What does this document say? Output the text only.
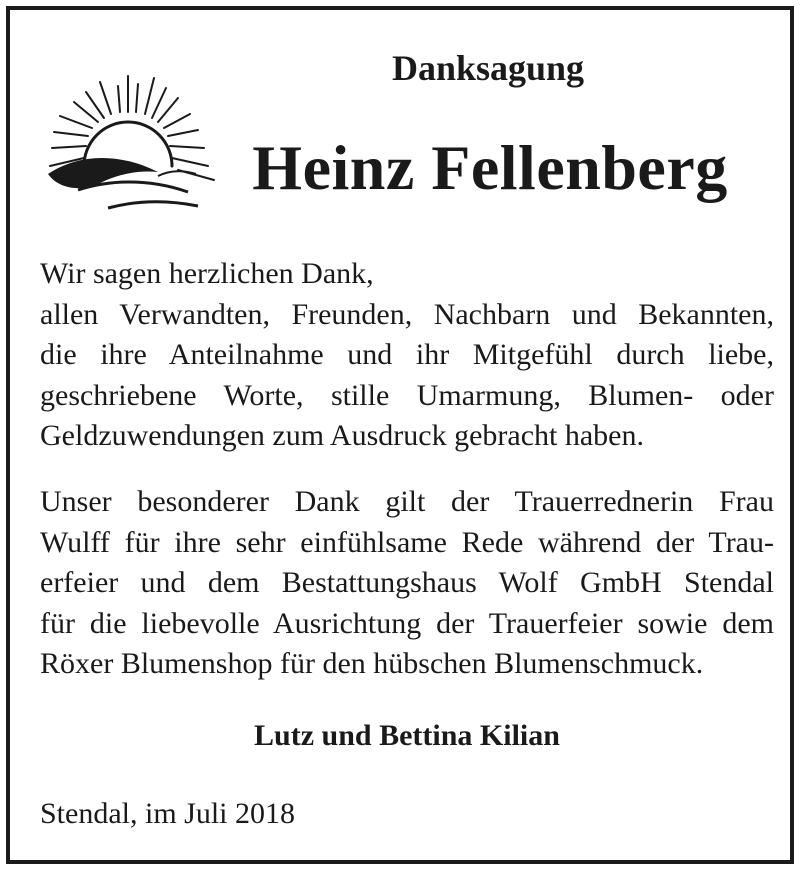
Danksagung
Heinz Fellenberg
Wir sagen herzlichen Dank,
allen Verwandten, Freunden, Nachbarn und Bekannten,
die ihre Anteilnahme und ihr Mitgefühl durch liebe,
geschriebene Worte, stille Umarmung, Blumen- oder
Geldzuwendungen zum Ausdruck gebracht haben.
Unser besonderer Dank gilt der Trauerrednerin Frau
Wulff für ihre sehr einfühlsame Rede während der Trau-
erfeier und dem Bestattungshaus Wolf GmbH Stendal
für die liebevolle Ausrichtung der Trauerfeier sowie dem
Röxer Blumenshop für den hübschen Blumenschmuck.
Lutz und Bettina Kilian
Stendal, im Juli 2018
